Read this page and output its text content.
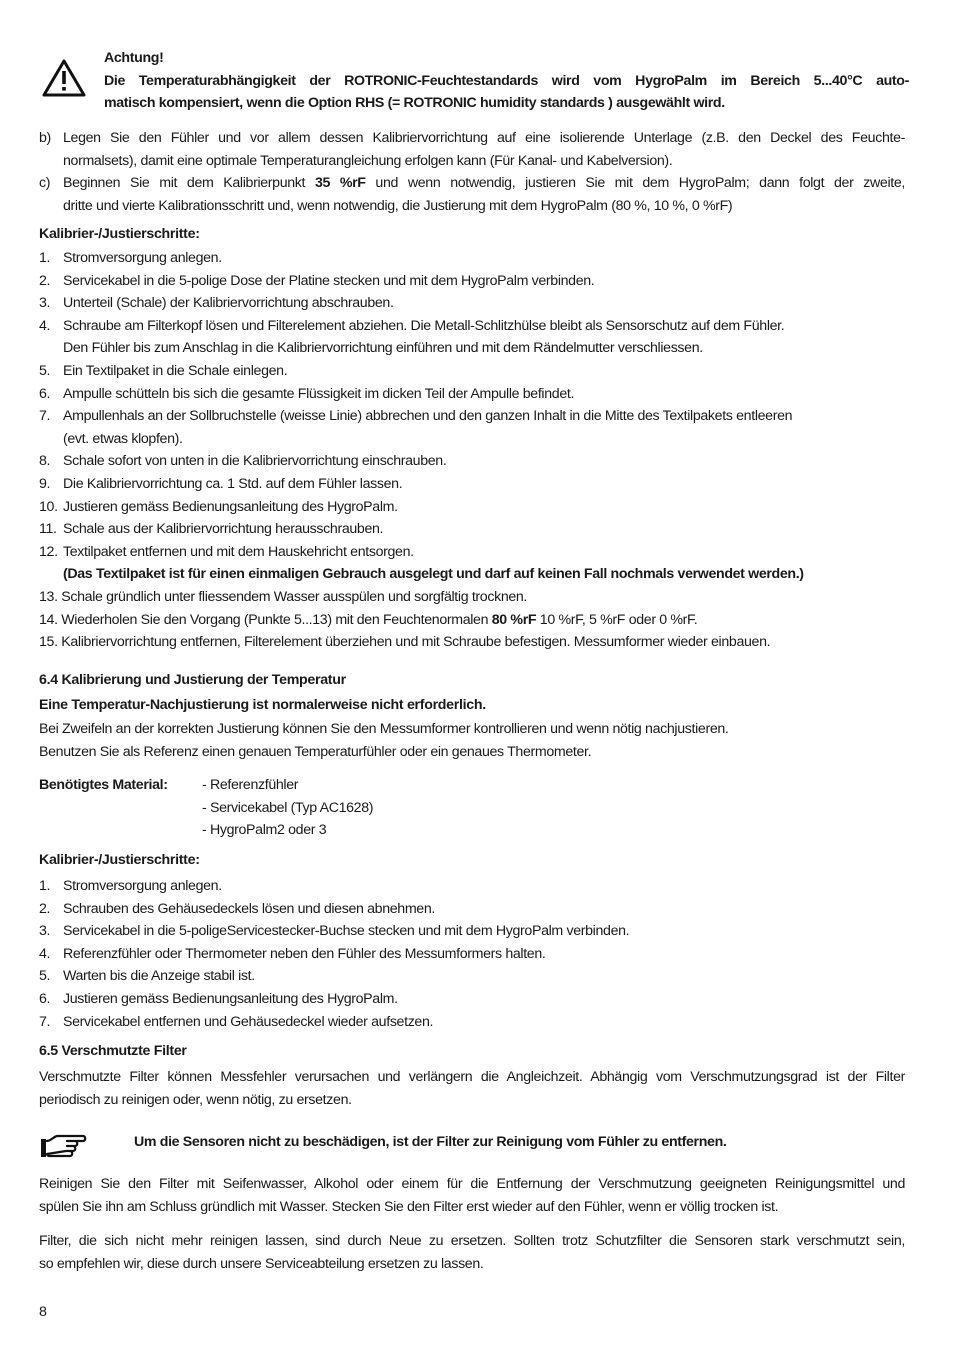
Achtung!
Die Temperaturabhängigkeit der ROTRONIC-Feuchtestandards wird vom HygroPalm im Bereich 5...40°C auto-
matisch kompensiert, wenn die Option RHS (= ROTRONIC humidity standards ) ausgewählt wird.
b) Legen Sie den Fühler und vor allem dessen Kalibriervorrichtung auf eine isolierende Unterlage (z.B. den Deckel des Feuchte-
normalsets), damit eine optimale Temperaturangleichung erfolgen kann (Für Kanal- und Kabelversion).
c) Beginnen Sie mit dem Kalibrierpunkt 35 %rF und wenn notwendig, justieren Sie mit dem HygroPalm; dann folgt der zweite,
dritte und vierte Kalibrationsschritt und, wenn notwendig, die Justierung mit dem HygroPalm (80 %, 10 %, 0 %rF)
Kalibrier-/Justierschritte:
1. Stromversorgung anlegen.
2. Servicekabel in die 5-polige Dose der Platine stecken und mit dem HygroPalm verbinden.
3. Unterteil (Schale) der Kalibriervorrichtung abschrauben.
4. Schraube am Filterkopf lösen und Filterelement abziehen. Die Metall-Schlitzhülse bleibt als Sensorschutz auf dem Fühler.
Den Fühler bis zum Anschlag in die Kalibriervorrichtung einführen und mit dem Rändelmutter verschliessen.
5. Ein Textilpaket in die Schale einlegen.
6. Ampulle schütteln bis sich die gesamte Flüssigkeit im dicken Teil der Ampulle befindet.
7. Ampullenhals an der Sollbruchstelle (weisse Linie) abbrechen und den ganzen Inhalt in die Mitte des Textilpakets entleeren
(evt. etwas klopfen).
8. Schale sofort von unten in die Kalibriervorrichtung einschrauben.
9. Die Kalibriervorrichtung ca. 1 Std. auf dem Fühler lassen.
10. Justieren gemäss Bedienungsanleitung des HygroPalm.
11. Schale aus der Kalibriervorrichtung herausschrauben.
12. Textilpaket entfernen und mit dem Hauskehricht entsorgen.
(Das Textilpaket ist für einen einmaligen Gebrauch ausgelegt und darf auf keinen Fall nochmals verwendet werden.)
13. Schale gründlich unter fliessendem Wasser ausspülen und sorgfältig trocknen.
14. Wiederholen Sie den Vorgang (Punkte 5...13) mit den Feuchtenormalen 80 %rF 10 %rF, 5 %rF oder 0 %rF.
15. Kalibriervorrichtung entfernen, Filterelement überziehen und mit Schraube befestigen. Messumformer wieder einbauen.
6.4 Kalibrierung und Justierung der Temperatur
Eine Temperatur-Nachjustierung ist normalerweise nicht erforderlich.
Bei Zweifeln an der korrekten Justierung können Sie den Messumformer kontrollieren und wenn nötig nachjustieren.
Benutzen Sie als Referenz einen genauen Temperaturfühler oder ein genaues Thermometer.
Benötigtes Material: - Referenzfühler
- Servicekabel (Typ AC1628)
- HygroPalm2 oder 3
Kalibrier-/Justierschritte:
1. Stromversorgung anlegen.
2. Schrauben des Gehäusedeckels lösen und diesen abnehmen.
3. Servicekabel in die 5-poligeServicestecker-Buchse stecken und mit dem HygroPalm verbinden.
4. Referenzfühler oder Thermometer neben den Fühler des Messumformers halten.
5. Warten bis die Anzeige stabil ist.
6. Justieren gemäss Bedienungsanleitung des HygroPalm.
7. Servicekabel entfernen und Gehäusedeckel wieder aufsetzen.
6.5 Verschmutzte Filter
Verschmutzte Filter können Messfehler verursachen und verlängern die Angleichzeit. Abhängig vom Verschmutzungsgrad ist der Filter
periodisch zu reinigen oder, wenn nötig, zu ersetzen.
Um die Sensoren nicht zu beschädigen, ist der Filter zur Reinigung vom Fühler zu entfernen.
Reinigen Sie den Filter mit Seifenwasser, Alkohol oder einem für die Entfernung der Verschmutzung geeigneten Reinigungsmittel und
spülen Sie ihn am Schluss gründlich mit Wasser. Stecken Sie den Filter erst wieder auf den Fühler, wenn er völlig trocken ist.
Filter, die sich nicht mehr reinigen lassen, sind durch Neue zu ersetzen. Sollten trotz Schutzfilter die Sensoren stark verschmutzt sein,
so empfehlen wir, diese durch unsere Serviceabteilung ersetzen zu lassen.
8
